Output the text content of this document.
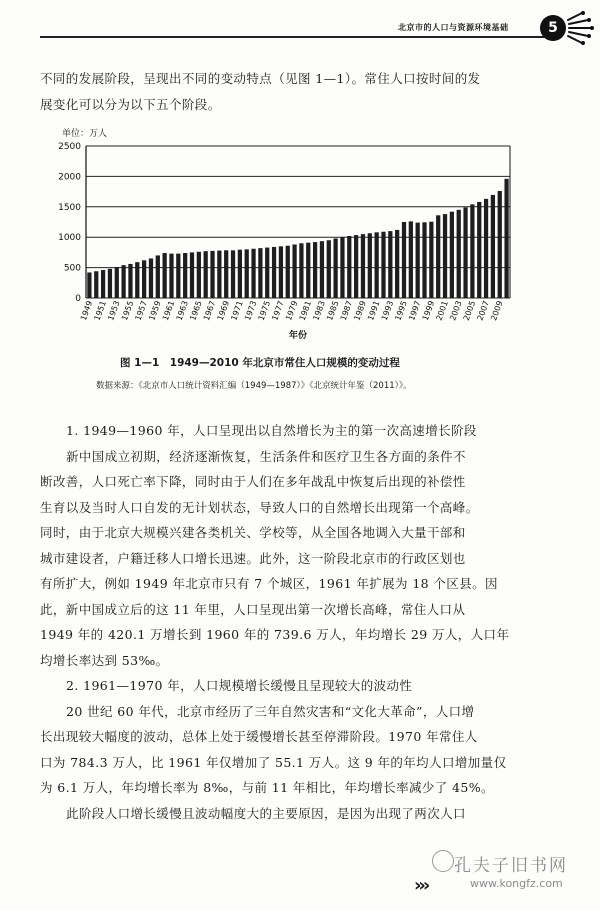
北京市的人口与资源环境基础	5
不同的发展阶段，呈现出不同的变动特点（见图 1—1）。常住人口按时间的发
展变化可以分为以下五个阶段。
单位：万人
0
500
1000
1500
2000
2500
1949
1951
1953
1955
1957
1959
1961
1963
1965
1967
1969
1971
1973
1975
1977
1979
1981
1983
1985
1987
1989
1991
1993
1995
1997
1999
2001
2003
2005
2007
2009
年份
图 1—1　1949—2010 年北京市常住人口规模的变动过程
数据来源：《北京市人口统计资料汇编（1949—1987）》《北京统计年鉴（2011）》。
1. 1949—1960 年，人口呈现出以自然增长为主的第一次高速增长阶段
新中国成立初期，经济逐渐恢复，生活条件和医疗卫生各方面的条件不
断改善，人口死亡率下降，同时由于人们在多年战乱中恢复后出现的补偿性
生育以及当时人口自发的无计划状态，导致人口的自然增长出现第一个高峰。
同时，由于北京大规模兴建各类机关、学校等，从全国各地调入大量干部和
城市建设者，户籍迁移人口增长迅速。此外，这一阶段北京市的行政区划也
有所扩大，例如 1949 年北京市只有 7 个城区，1961 年扩展为 18 个区县。因
此，新中国成立后的这 11 年里，人口呈现出第一次增长高峰，常住人口从
1949 年的 420.1 万增长到 1960 年的 739.6 万人，年均增长 29 万人，人口年
均增长率达到 53‰。
2. 1961—1970 年，人口规模增长缓慢且呈现较大的波动性
20 世纪 60 年代，北京市经历了三年自然灾害和“文化大革命”，人口增
长出现较大幅度的波动，总体上处于缓慢增长甚至停滞阶段。1970 年常住人
口为 784.3 万人，比 1961 年仅增加了 55.1 万人。这 9 年的年均人口增加量仅
为 6.1 万人，年均增长率为 8‰，与前 11 年相比，年均增长率减少了 45%。
此阶段人口增长缓慢且波动幅度大的主要原因，是因为出现了两次人口
孔夫子旧书网
www.kongfz.com
›››
